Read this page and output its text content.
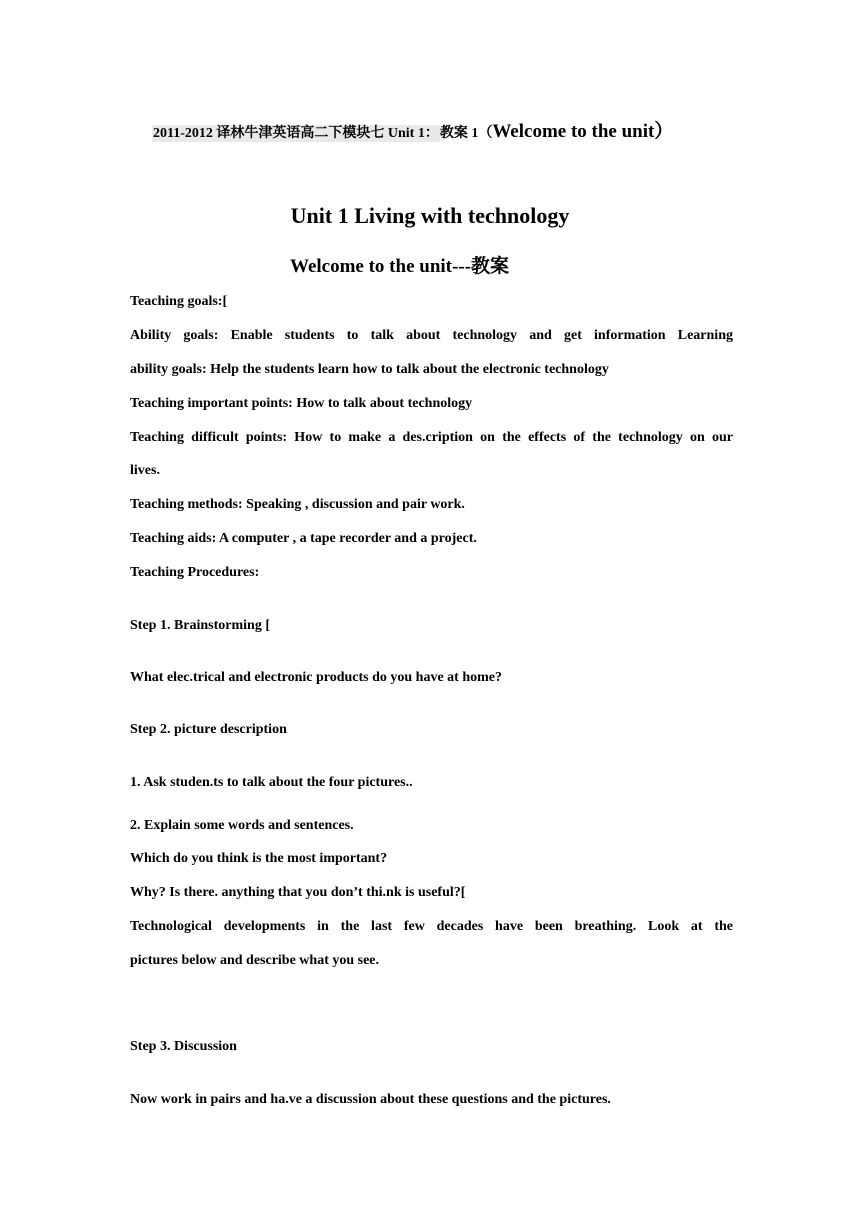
2011-2012 译林牛津英语高二下模块七 Unit 1：教案 1（Welcome to the unit）
Unit 1 Living with technology
Welcome to the unit---教案
Teaching goals:[
Ability goals: Enable students to talk about technology and get information Learning
ability goals: Help the students learn how to talk about the electronic technology
Teaching important points: How to talk about technology
Teaching difficult points: How to make a des.cription on the effects of the technology on our
lives.
Teaching methods: Speaking , discussion and pair work.
Teaching aids: A computer , a tape recorder and a project.
Teaching Procedures:
Step 1. Brainstorming [
What elec.trical and electronic products do you have at home?
Step 2. picture description
1. Ask studen.ts to talk about the four pictures..
2. Explain some words and sentences.
Which do you think is the most important?
Why? Is there. anything that you don’t thi.nk is useful?[
Technological developments in the last few decades have been breathing. Look at the
pictures below and describe what you see.
Step 3. Discussion
Now work in pairs and ha.ve a discussion about these questions and the pictures.
